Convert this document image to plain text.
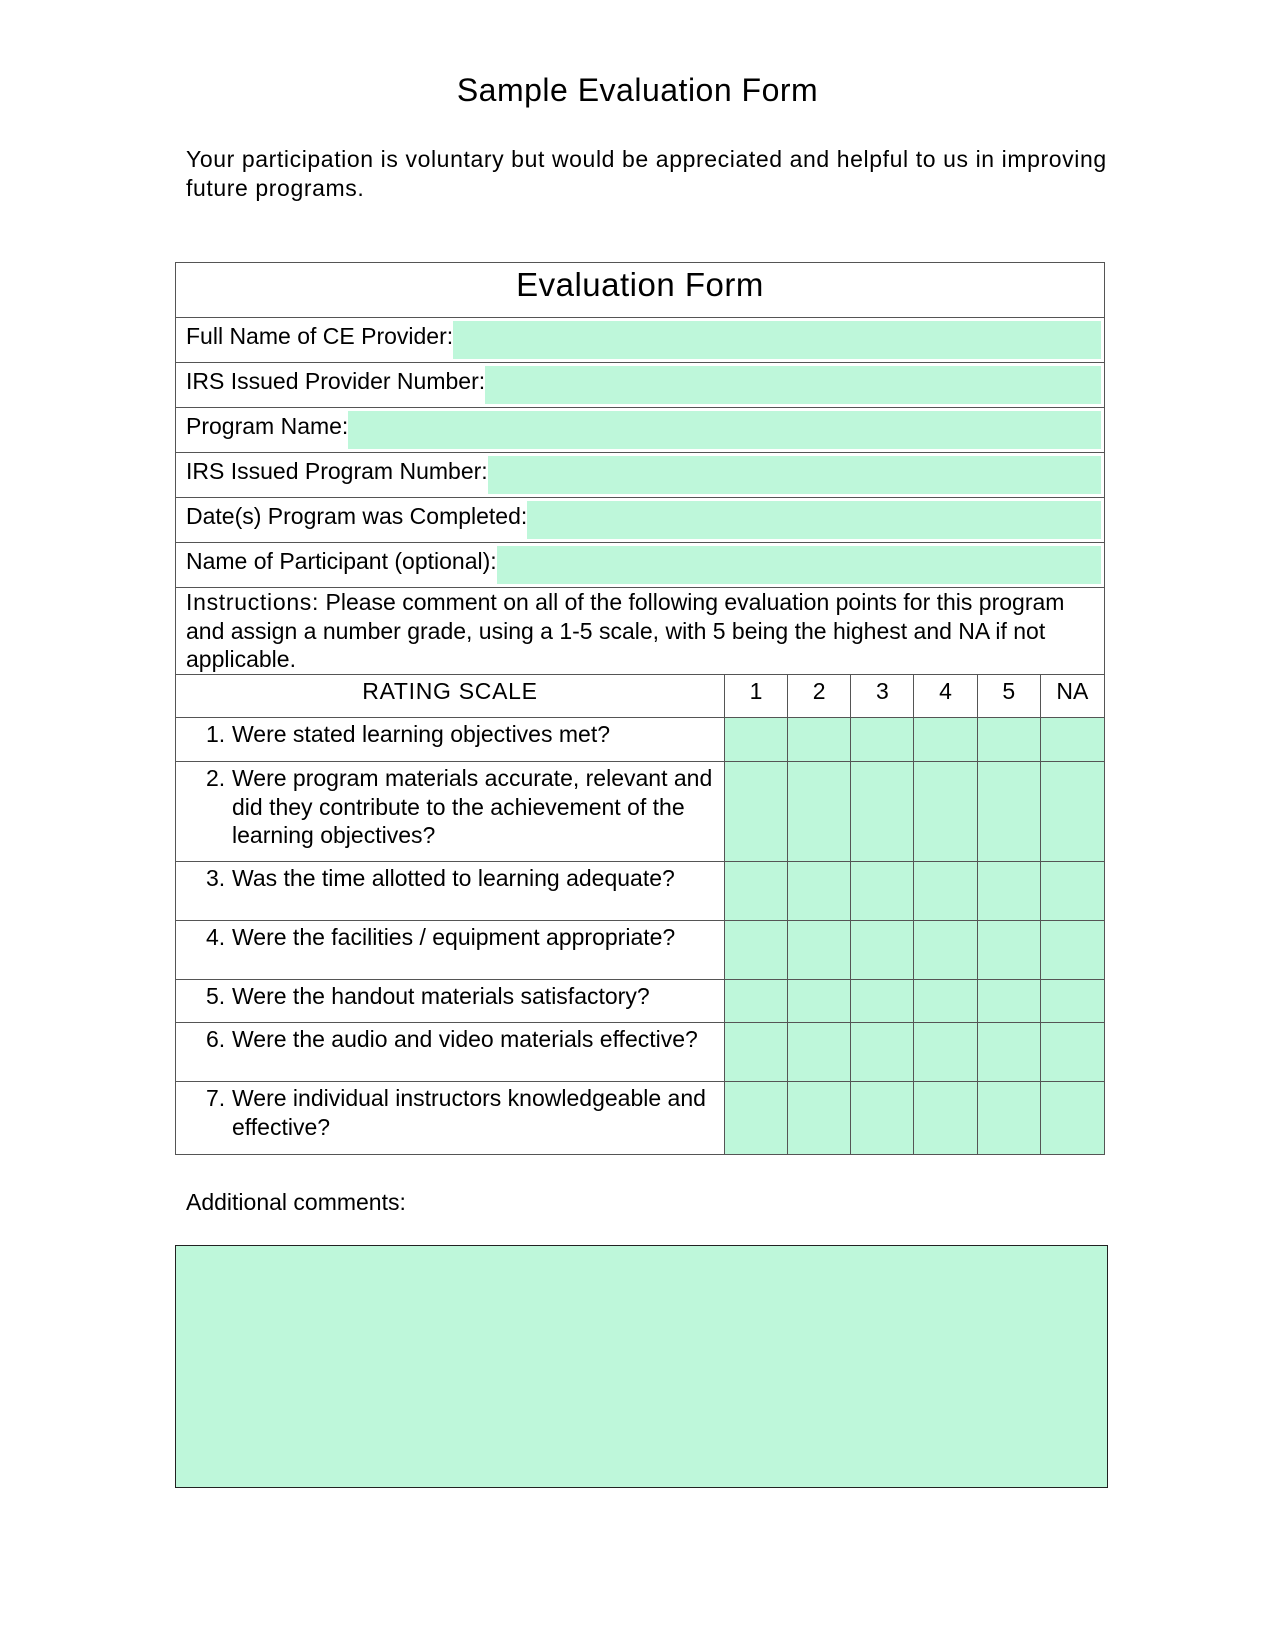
Sample Evaluation Form
Your participation is voluntary but would be appreciated and helpful to us in improving future programs.
Evaluation Form
Full Name of CE Provider:
IRS Issued Provider Number:
Program Name:
IRS Issued Program Number:
Date(s) Program was Completed:
Name of Participant (optional):
Instructions: Please comment on all of the following evaluation points for this program and assign a number grade, using a 1-5 scale, with 5 being the highest and NA if not applicable.
RATING SCALE	1	2	3	4	5	NA
1. Were stated learning objectives met?
2. Were program materials accurate, relevant and did they contribute to the achievement of the learning objectives?
3. Was the time allotted to learning adequate?
4. Were the facilities / equipment appropriate?
5. Were the handout materials satisfactory?
6. Were the audio and video materials effective?
7. Were individual instructors knowledgeable and effective?
Additional comments:
